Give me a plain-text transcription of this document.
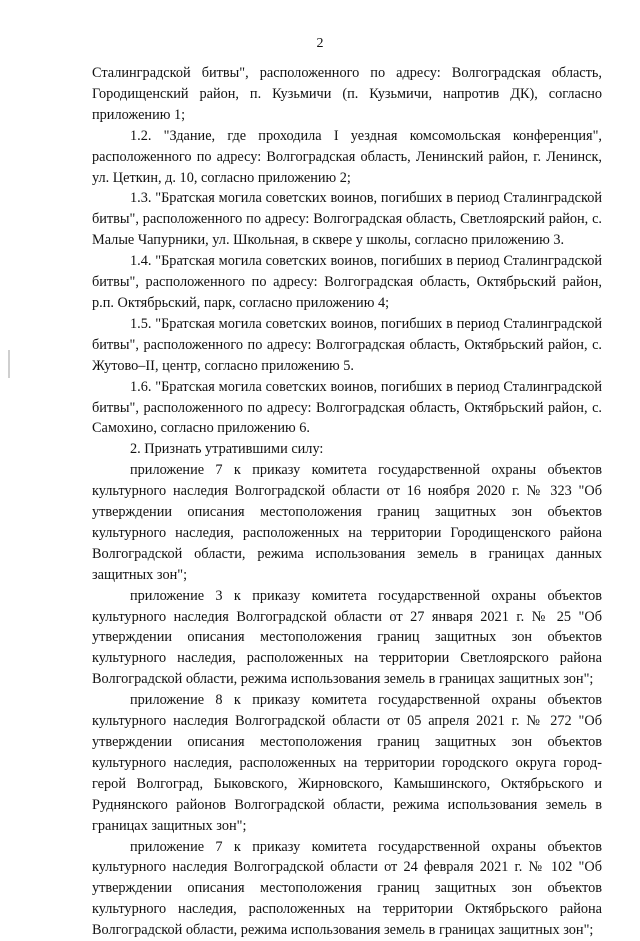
2

Сталинградской битвы", расположенного по адресу: Волгоградская область, Городищенский район, п. Кузьмичи (п. Кузьмичи, напротив ДК), согласно приложению 1;

1.2. "Здание, где проходила I уездная комсомольская конференция", расположенного по адресу: Волгоградская область, Ленинский район, г. Ленинск, ул. Цеткин, д. 10, согласно приложению 2;

1.3. "Братская могила советских воинов, погибших в период Сталинградской битвы", расположенного по адресу: Волгоградская область, Светлоярский район, с. Малые Чапурники, ул. Школьная, в сквере у школы, согласно приложению 3.

1.4. "Братская могила советских воинов, погибших в период Сталинградской битвы", расположенного по адресу: Волгоградская область, Октябрьский район, р.п. Октябрьский, парк, согласно приложению 4;

1.5. "Братская могила советских воинов, погибших в период Сталинградской битвы", расположенного по адресу: Волгоградская область, Октябрьский район, с. Жутово–II, центр, согласно приложению 5.

1.6. "Братская могила советских воинов, погибших в период Сталинградской битвы", расположенного по адресу: Волгоградская область, Октябрьский район, с. Самохино, согласно приложению 6.

2. Признать утратившими силу:

приложение 7 к приказу комитета государственной охраны объектов культурного наследия Волгоградской области от 16 ноября 2020 г. № 323 "Об утверждении описания местоположения границ защитных зон объектов культурного наследия, расположенных на территории Городищенского района Волгоградской области, режима использования земель в границах данных защитных зон";

приложение 3 к приказу комитета государственной охраны объектов культурного наследия Волгоградской области от 27 января 2021 г. № 25 "Об утверждении описания местоположения границ защитных зон объектов культурного наследия, расположенных на территории Светлоярского района Волгоградской области, режима использования земель в границах защитных зон";

приложение 8 к приказу комитета государственной охраны объектов культурного наследия Волгоградской области от 05 апреля 2021 г. № 272 "Об утверждении описания местоположения границ защитных зон объектов культурного наследия, расположенных на территории городского округа город-герой Волгоград, Быковского, Жирновского, Камышинского, Октябрьского и Руднянского районов Волгоградской области, режима использования земель в границах защитных зон";

приложение 7 к приказу комитета государственной охраны объектов культурного наследия Волгоградской области от 24 февраля 2021 г. № 102 "Об утверждении описания местоположения границ защитных зон объектов культурного наследия, расположенных на территории Октябрьского района Волгоградской области, режима использования земель в границах защитных зон";
